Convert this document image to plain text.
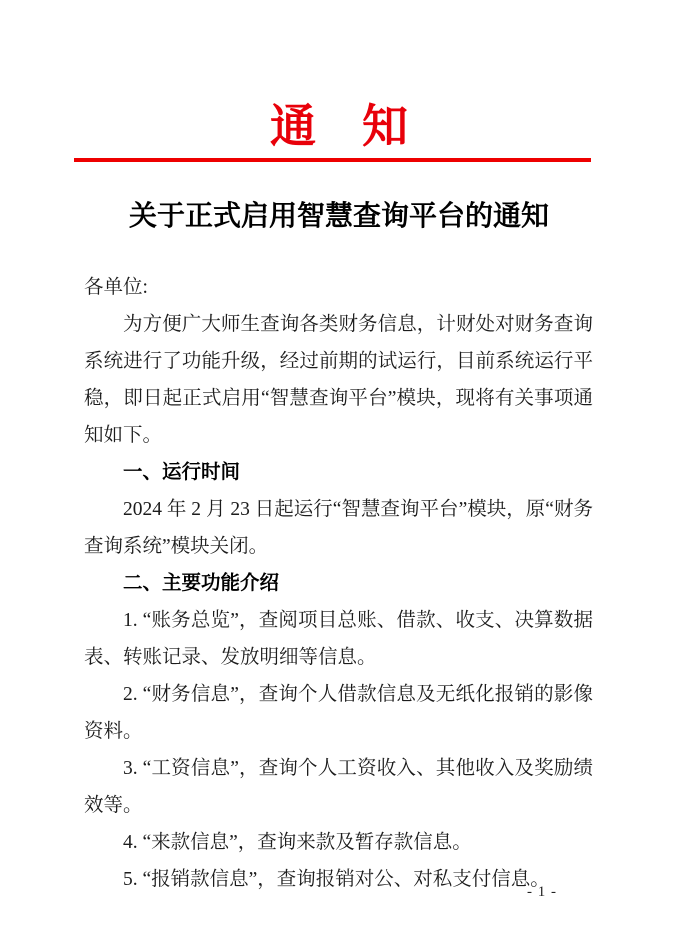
通　知
关于正式启用智慧查询平台的通知

各单位:

为方便广大师生查询各类财务信息，计财处对财务查询系统进行了功能升级，经过前期的试运行，目前系统运行平稳，即日起正式启用“智慧查询平台”模块，现将有关事项通知如下。

一、运行时间

2024 年 2 月 23 日起运行“智慧查询平台”模块，原“财务查询系统”模块关闭。

二、主要功能介绍

1. “账务总览”，查阅项目总账、借款、收支、决算数据表、转账记录、发放明细等信息。

2. “财务信息”，查询个人借款信息及无纸化报销的影像资料。

3. “工资信息”，查询个人工资收入、其他收入及奖励绩效等。

4. “来款信息”，查询来款及暂存款信息。

5. “报销款信息”，查询报销对公、对私支付信息。

- 1 -
